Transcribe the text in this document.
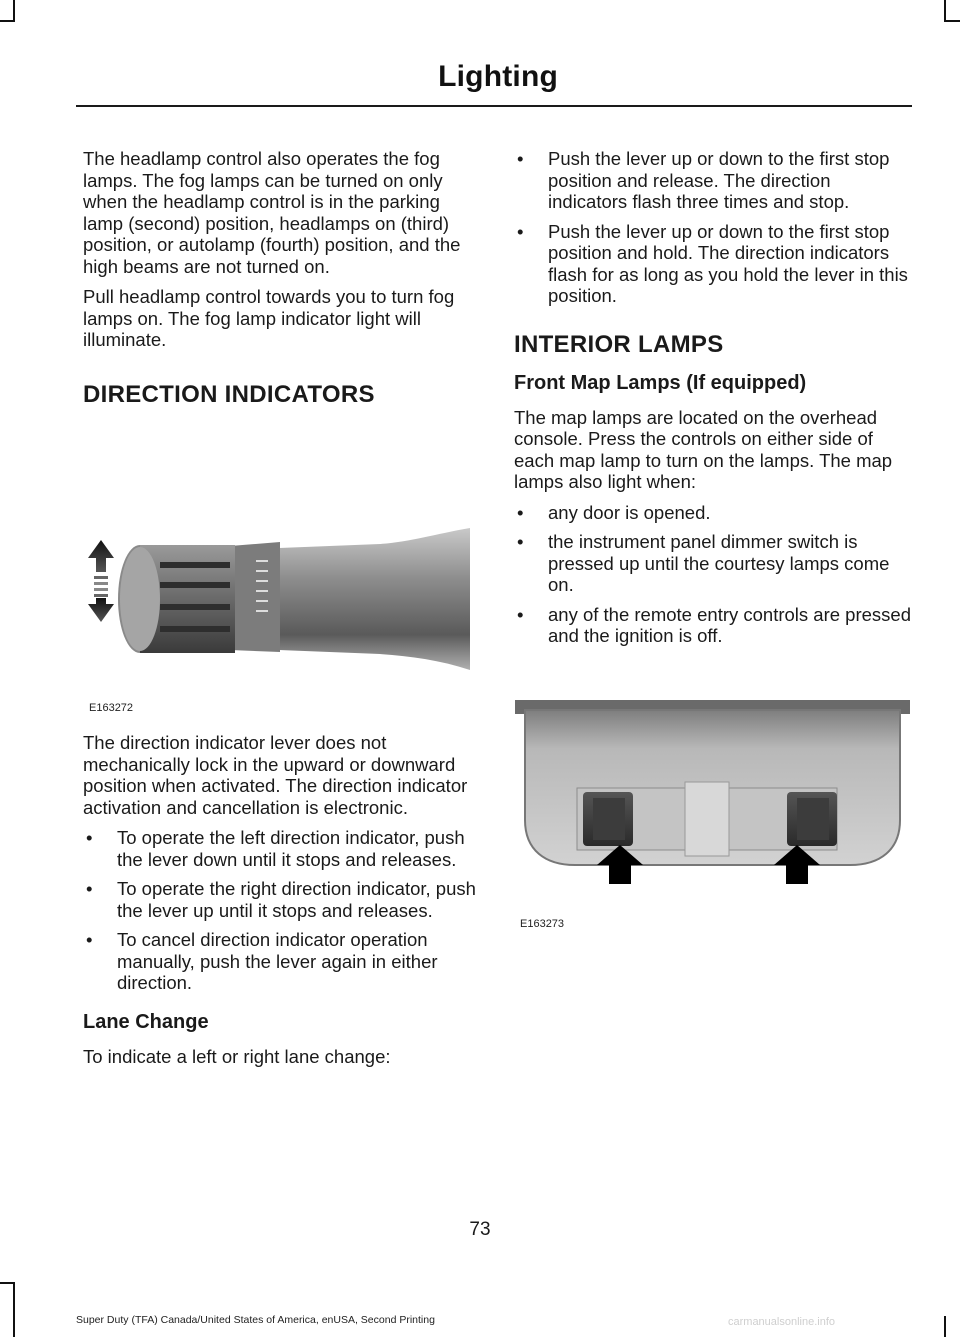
Lighting

The headlamp control also operates the fog lamps. The fog lamps can be turned on only when the headlamp control is in the parking lamp (second) position, headlamps on (third) position, or autolamp (fourth) position, and the high beams are not turned on.

Pull headlamp control towards you to turn fog lamps on. The fog lamp indicator light will illuminate.

DIRECTION INDICATORS
E163272

The direction indicator lever does not mechanically lock in the upward or downward position when activated. The direction indicator activation and cancellation is electronic.

• To operate the left direction indicator, push the lever down until it stops and releases.
• To operate the right direction indicator, push the lever up until it stops and releases.
• To cancel direction indicator operation manually, push the lever again in either direction.
Lane Change

To indicate a left or right lane change:

• Push the lever up or down to the first stop position and release. The direction indicators flash three times and stop.
• Push the lever up or down to the first stop position and hold. The direction indicators flash for as long as you hold the lever in this position.
INTERIOR LAMPS
Front Map Lamps (If equipped)

The map lamps are located on the overhead console. Press the controls on either side of each map lamp to turn on the lamps. The map lamps also light when:

• any door is opened.
• the instrument panel dimmer switch is pressed up until the courtesy lamps come on.
• any of the remote entry controls are pressed and the ignition is off.
E163273
73
Super Duty (TFA) Canada/United States of America, enUSA, Second Printing	carmanualsonline.info
